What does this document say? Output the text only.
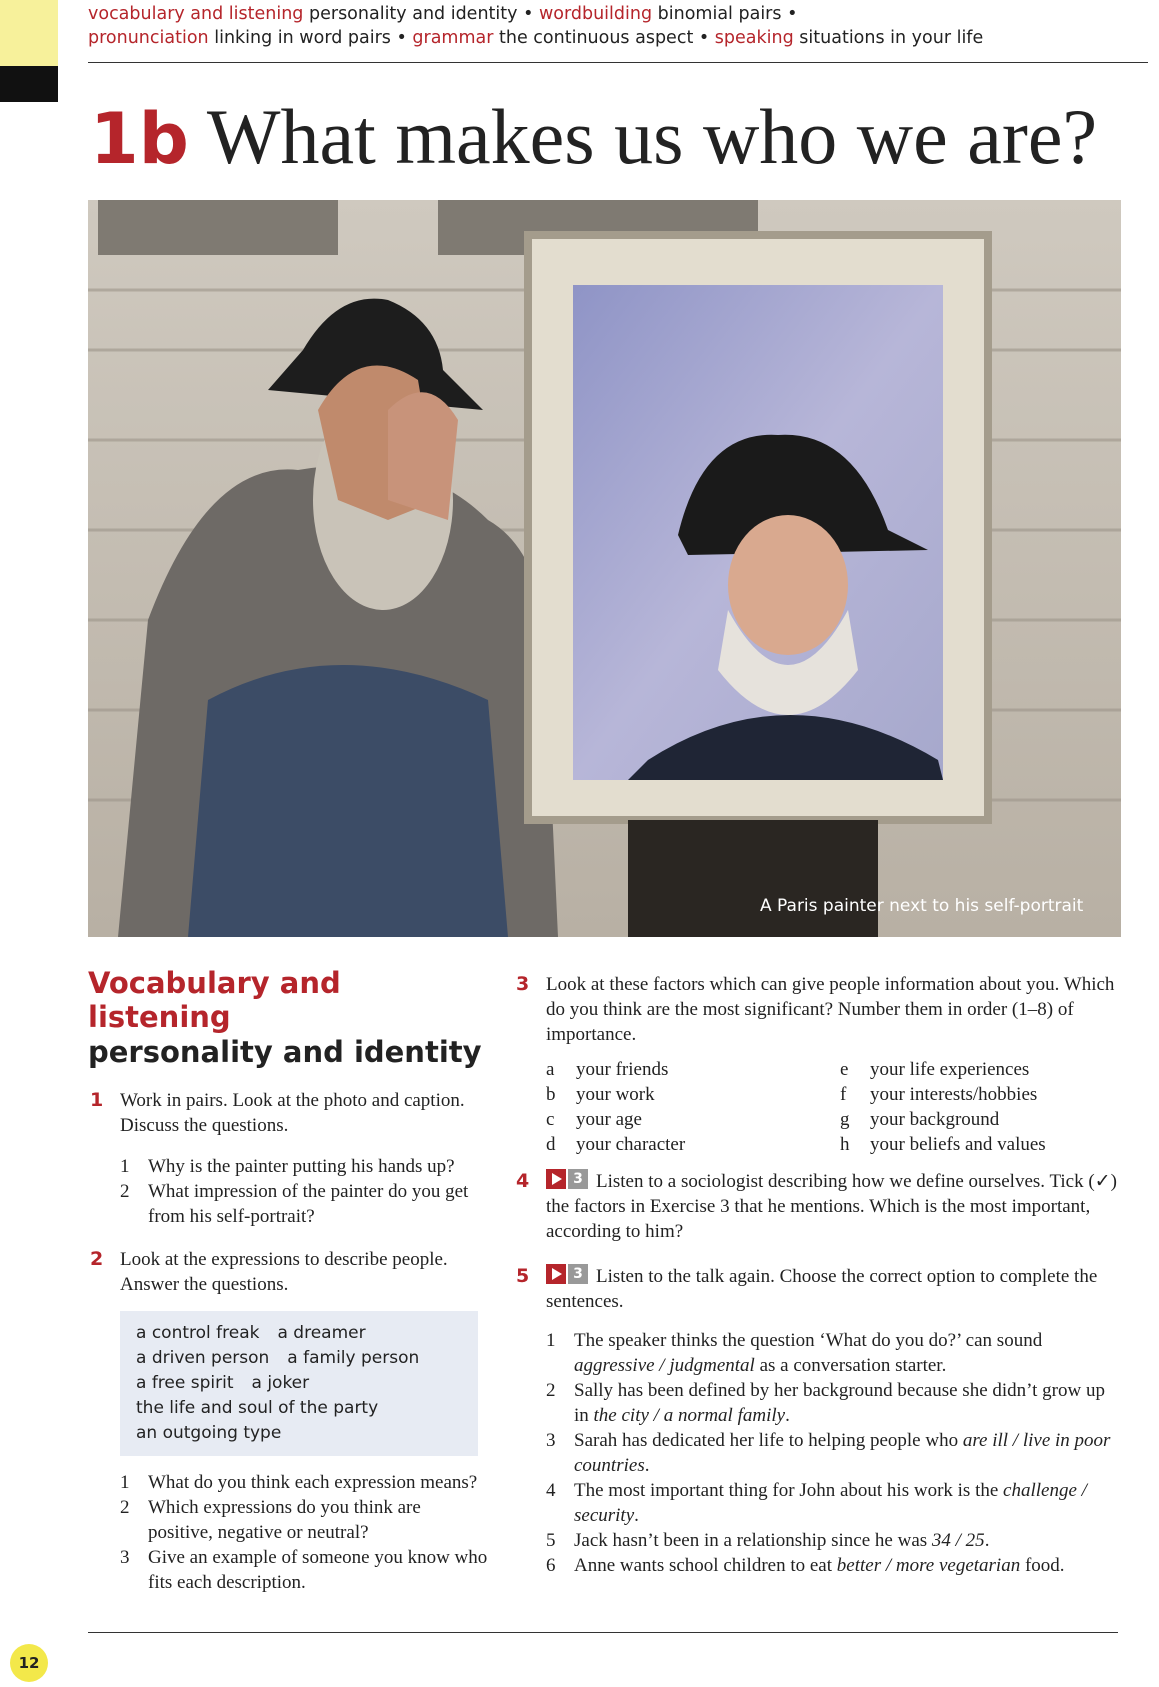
vocabulary and listening personality and identity • wordbuilding binomial pairs •
pronunciation linking in word pairs • grammar the continuous aspect • speaking situations in your life
1b What makes us who we are?
A Paris painter next to his self-portrait
Vocabulary and listening
personality and identity
1 Work in pairs. Look at the photo and caption. Discuss the questions.
1 Why is the painter putting his hands up?
2 What impression of the painter do you get from his self-portrait?
2 Look at the expressions to describe people. Answer the questions.
a control freak a dreamer
a driven person a family person
a free spirit a joker
the life and soul of the party
an outgoing type
1 What do you think each expression means?
2 Which expressions do you think are positive, negative or neutral?
3 Give an example of someone you know who fits each description.
3 Look at these factors which can give people information about you. Which do you think are the most significant? Number them in order (1–8) of importance.
a your friends
b your work
c your age
d your character
e your life experiences
f your interests/hobbies
g your background
h your beliefs and values
4	3 Listen to a sociologist describing how we define ourselves. Tick (✓) the factors in Exercise 3 that he mentions. Which is the most important, according to him?
5	3 Listen to the talk again. Choose the correct option to complete the sentences.
1 The speaker thinks the question ‘What do you do?’ can sound aggressive / judgmental as a conversation starter.
2 Sally has been defined by her background because she didn’t grow up in the city / a normal family.
3 Sarah has dedicated her life to helping people who are ill / live in poor countries.
4 The most important thing for John about his work is the challenge / security.
5 Jack hasn’t been in a relationship since he was 34 / 25.
6 Anne wants school children to eat better / more vegetarian food.
12
